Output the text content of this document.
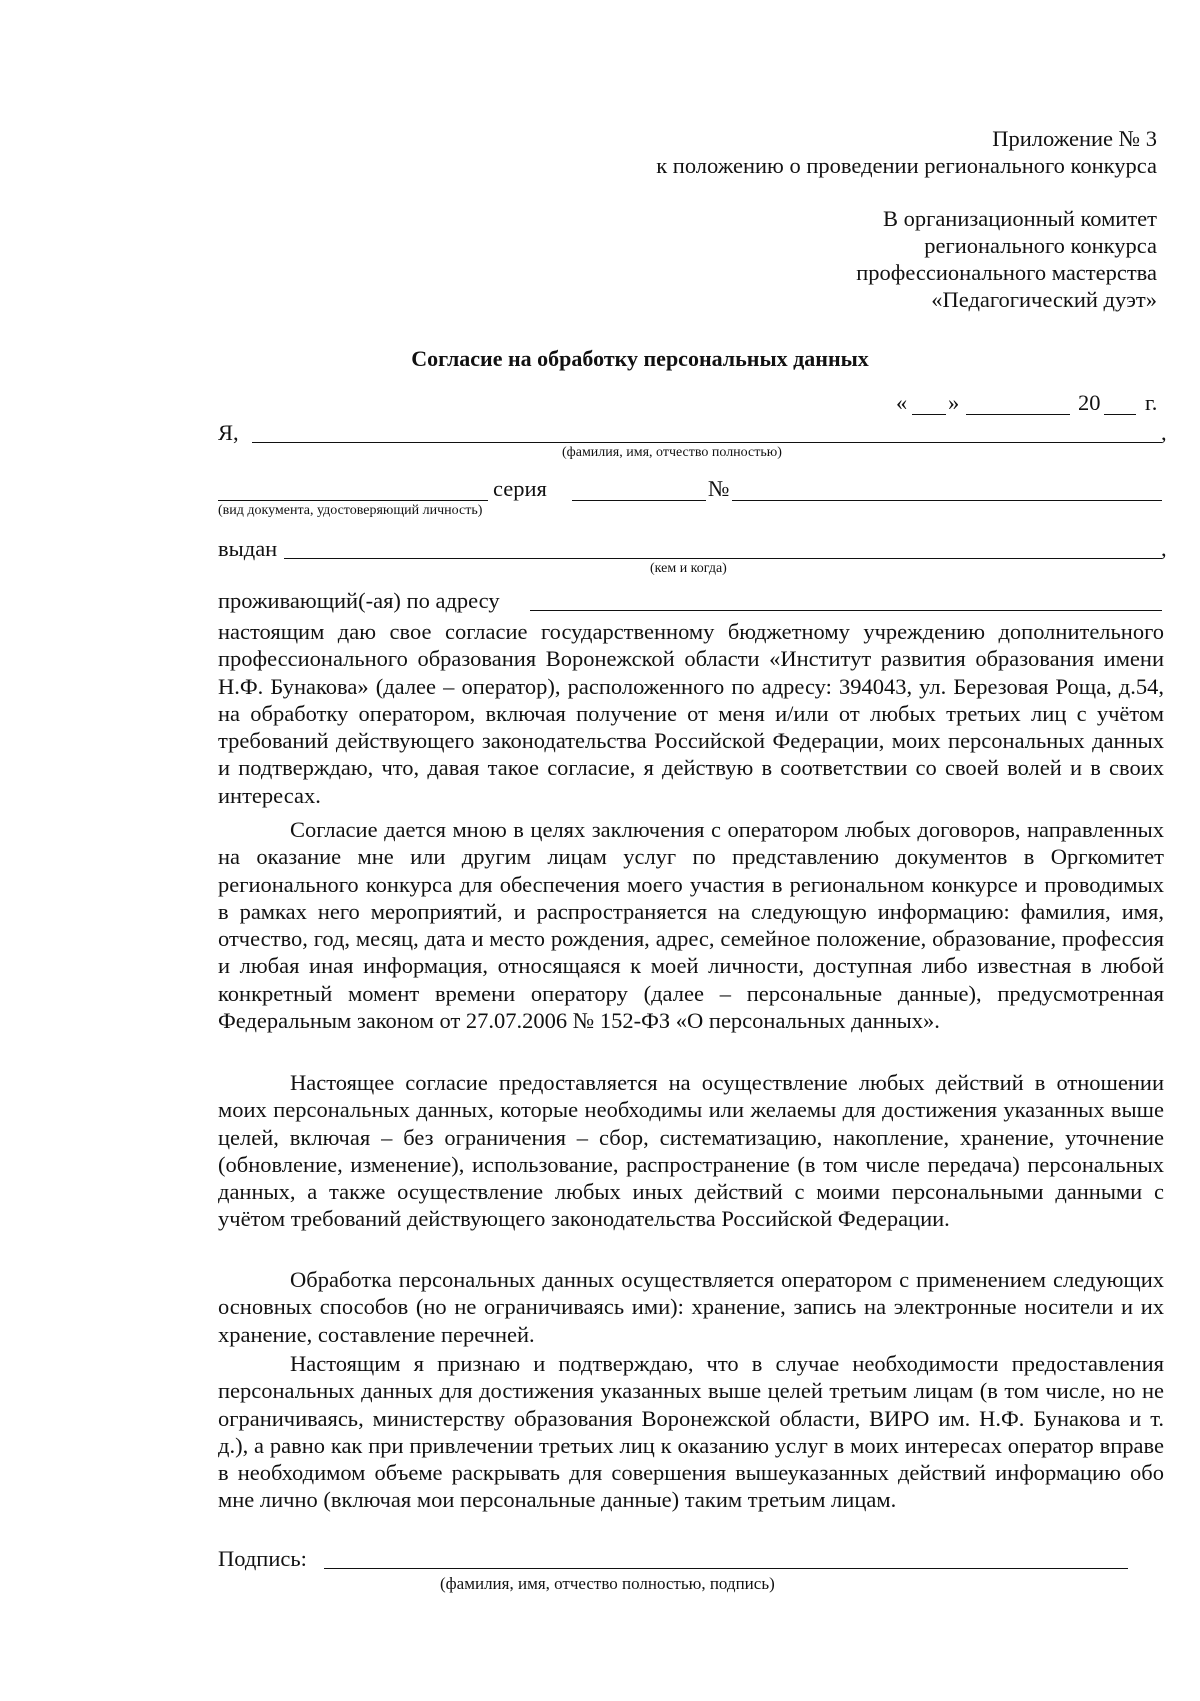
Приложение № 3
к положению о проведении регионального конкурса
В организационный комитет
регионального конкурса
профессионального мастерства
«Педагогический дуэт»
Согласие на обработку персональных данных
« »	20 г.
Я,	,
(фамилия, имя, отчество полностью)
серия	№
(вид документа, удостоверяющий личность)
выдан	,
(кем и когда)
проживающий(-ая) по адресу
настоящим даю свое согласие государственному бюджетному учреждению дополнительного профессионального образования Воронежской области «Институт развития образования имени Н.Ф. Бунакова» (далее – оператор), расположенного по адресу: 394043, ул. Березовая Роща, д.54, на обработку оператором, включая получение от меня и/или от любых третьих лиц с учётом требований действующего законодательства Российской Федерации, моих персональных данных и подтверждаю, что, давая такое согласие, я действую в соответствии со своей волей и в своих интересах.
Согласие дается мною в целях заключения с оператором любых договоров, направленных на оказание мне или другим лицам услуг по представлению документов в Оргкомитет регионального конкурса для обеспечения моего участия в региональном конкурсе и проводимых в рамках него мероприятий, и распространяется на следующую информацию: фамилия, имя, отчество, год, месяц, дата и место рождения, адрес, семейное положение, образование, профессия и любая иная информация, относящаяся к моей личности, доступная либо известная в любой конкретный момент времени оператору (далее – персональные данные), предусмотренная Федеральным законом от 27.07.2006 № 152-ФЗ «О персональных данных».
Настоящее согласие предоставляется на осуществление любых действий в отношении моих персональных данных, которые необходимы или желаемы для достижения указанных выше целей, включая – без ограничения – сбор, систематизацию, накопление, хранение, уточнение (обновление, изменение), использование, распространение (в том числе передача) персональных данных, а также осуществление любых иных действий с моими персональными данными с учётом требований действующего законодательства Российской Федерации.
Обработка персональных данных осуществляется оператором с применением следующих основных способов (но не ограничиваясь ими): хранение, запись на электронные носители и их хранение, составление перечней.
Настоящим я признаю и подтверждаю, что в случае необходимости предоставления персональных данных для достижения указанных выше целей третьим лицам (в том числе, но не ограничиваясь, министерству образования Воронежской области, ВИРО им. Н.Ф. Бунакова и т. д.), а равно как при привлечении третьих лиц к оказанию услуг в моих интересах оператор вправе в необходимом объеме раскрывать для совершения вышеуказанных действий информацию обо мне лично (включая мои персональные данные) таким третьим лицам.
Подпись:
(фамилия, имя, отчество полностью, подпись)
